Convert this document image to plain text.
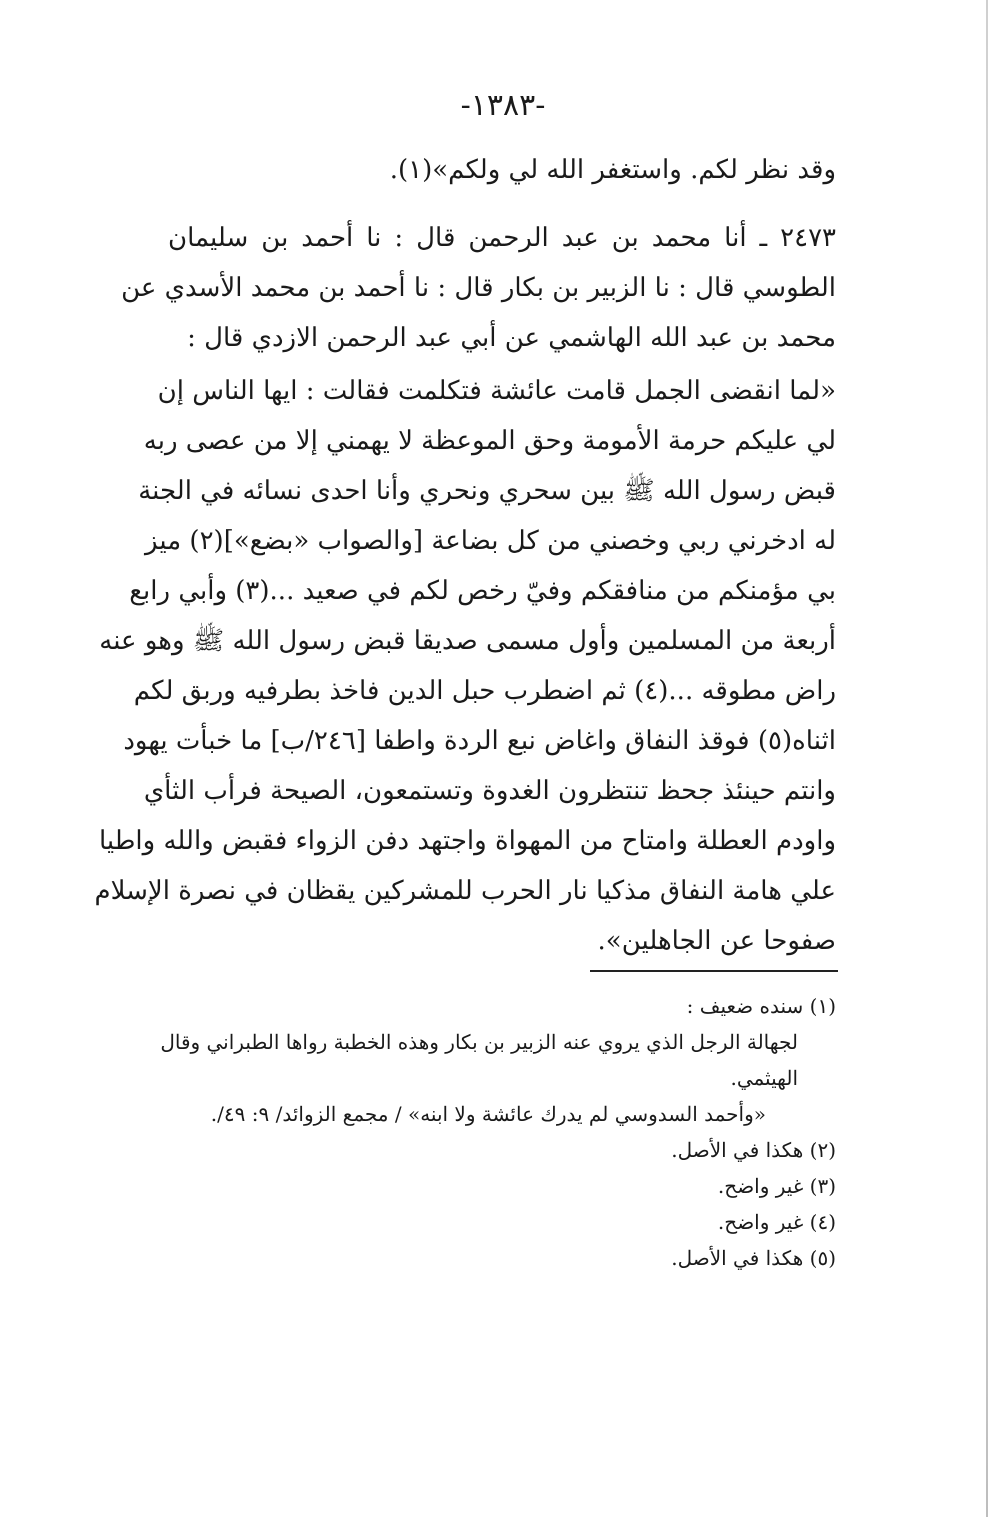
-١٣٨٣-
وقد نظر لكم. واستغفر الله لي ولكم»(١).
٢٤٧٣ ـ أنا محمد بن عبد الرحمن قال : نا أحمد بن سليمان
الطوسي قال : نا الزبير بن بكار قال : نا أحمد بن محمد الأسدي عن
محمد بن عبد الله الهاشمي عن أبي عبد الرحمن الازدي قال :
«لما انقضى الجمل قامت عائشة فتكلمت فقالت : ايها الناس إن
لي عليكم حرمة الأمومة وحق الموعظة لا يهمني إلا من عصى ربه
قبض رسول الله ﷺ بين سحري ونحري وأنا احدى نسائه في الجنة
له ادخرني ربي وخصني من كل بضاعة [والصواب «بضع»](٢) ميز
بي مؤمنكم من منافقكم وفيّ رخص لكم في صعيد ...(٣) وأبي رابع
أربعة من المسلمين وأول مسمى صديقا قبض رسول الله ﷺ وهو عنه
راض مطوقه ...(٤) ثم اضطرب حبل الدين فاخذ بطرفيه وربق لكم
اثناه(٥) فوقذ النفاق واغاض نبع الردة واطفا [٢٤٦/ب] ما خبأت يهود
وانتم حينئذ جحظ تنتظرون الغدوة وتستمعون، الصيحة فرأب الثأي
واودم العطلة وامتاح من المهواة واجتهد دفن الزواء فقبض والله واطيا
علي هامة النفاق مذكيا نار الحرب للمشركين يقظان في نصرة الإسلام
صفوحا عن الجاهلين».
(١) سنده ضعيف :
لجهالة الرجل الذي يروي عنه الزبير بن بكار وهذه الخطبة رواها الطبراني وقال
الهيثمي.
«وأحمد السدوسي لم يدرك عائشة ولا ابنه» / مجمع الزوائد/ ٩: ٤٩/.
(٢) هكذا في الأصل.
(٣) غير واضح.
(٤) غير واضح.
(٥) هكذا في الأصل.
